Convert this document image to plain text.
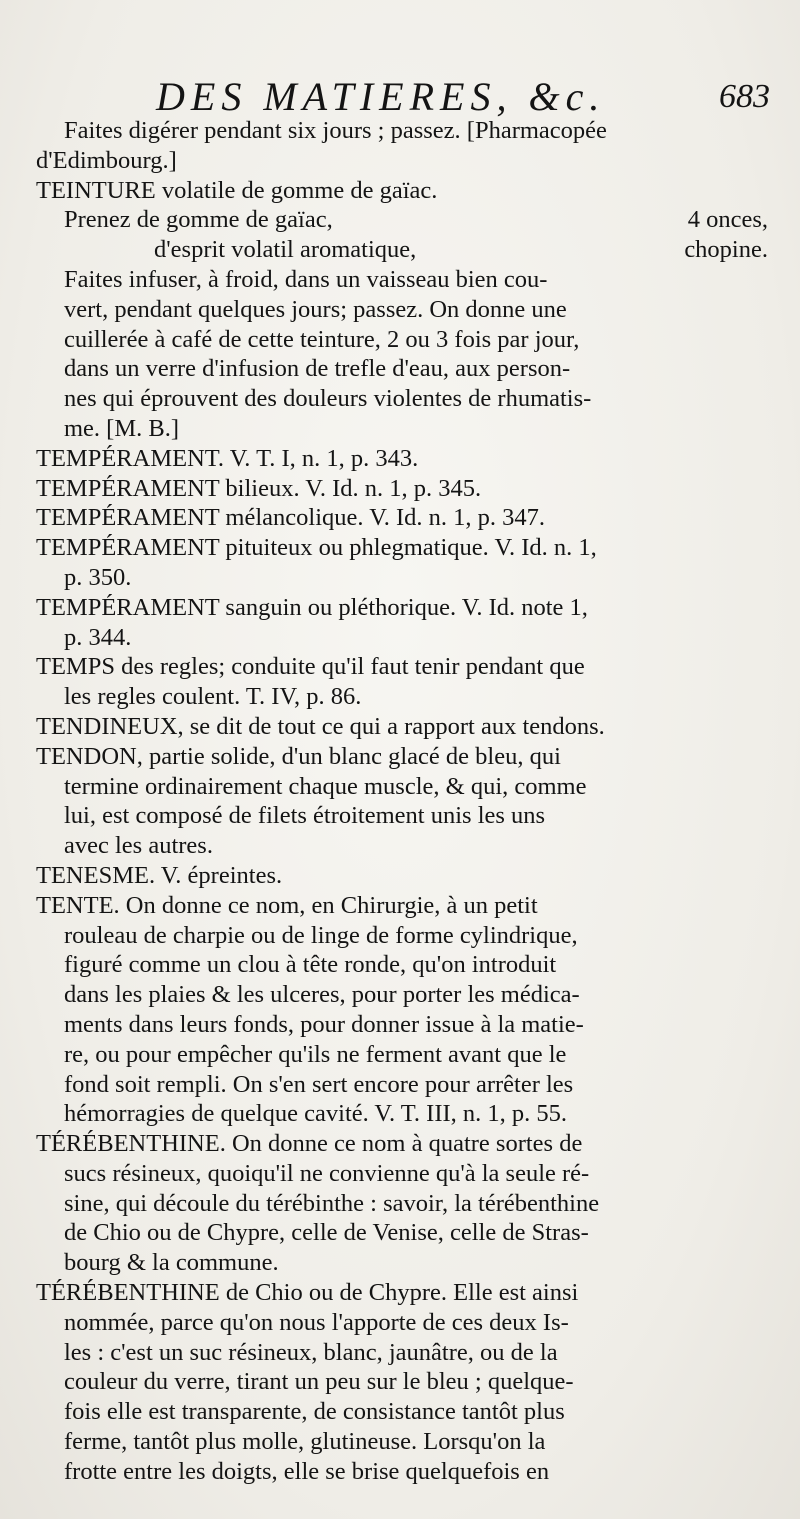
DES MATIERES, &c.	683
Faites digérer pendant six jours ; passez. [Pharmacopée
d'Edimbourg.]
TEINTURE volatile de gomme de gaïac.
Prenez de gomme de gaïac,	4 onces,
d'esprit volatil aromatique,	chopine.
Faites infuser, à froid, dans un vaisseau bien cou-
vert, pendant quelques jours; passez. On donne une
cuillerée à café de cette teinture, 2 ou 3 fois par jour,
dans un verre d'infusion de trefle d'eau, aux person-
nes qui éprouvent des douleurs violentes de rhumatis-
me. [M. B.]
TEMPÉRAMENT. V. T. I, n. 1, p. 343.
TEMPÉRAMENT bilieux. V. Id. n. 1, p. 345.
TEMPÉRAMENT mélancolique. V. Id. n. 1, p. 347.
TEMPÉRAMENT pituiteux ou phlegmatique. V. Id. n. 1,
p. 350.
TEMPÉRAMENT sanguin ou pléthorique. V. Id. note 1,
p. 344.
TEMPS des regles; conduite qu'il faut tenir pendant que
les regles coulent. T. IV, p. 86.
TENDINEUX, se dit de tout ce qui a rapport aux tendons.
TENDON, partie solide, d'un blanc glacé de bleu, qui
termine ordinairement chaque muscle, & qui, comme
lui, est composé de filets étroitement unis les uns
avec les autres.
TENESME. V. épreintes.
TENTE. On donne ce nom, en Chirurgie, à un petit
rouleau de charpie ou de linge de forme cylindrique,
figuré comme un clou à tête ronde, qu'on introduit
dans les plaies & les ulceres, pour porter les médica-
ments dans leurs fonds, pour donner issue à la matie-
re, ou pour empêcher qu'ils ne ferment avant que le
fond soit rempli. On s'en sert encore pour arrêter les
hémorragies de quelque cavité. V. T. III, n. 1, p. 55.
TÉRÉBENTHINE. On donne ce nom à quatre sortes de
sucs résineux, quoiqu'il ne convienne qu'à la seule ré-
sine, qui découle du térébinthe : savoir, la térébenthine
de Chio ou de Chypre, celle de Venise, celle de Stras-
bourg & la commune.
TÉRÉBENTHINE de Chio ou de Chypre. Elle est ainsi
nommée, parce qu'on nous l'apporte de ces deux Is-
les : c'est un suc résineux, blanc, jaunâtre, ou de la
couleur du verre, tirant un peu sur le bleu ; quelque-
fois elle est transparente, de consistance tantôt plus
ferme, tantôt plus molle, glutineuse. Lorsqu'on la
frotte entre les doigts, elle se brise quelquefois en
